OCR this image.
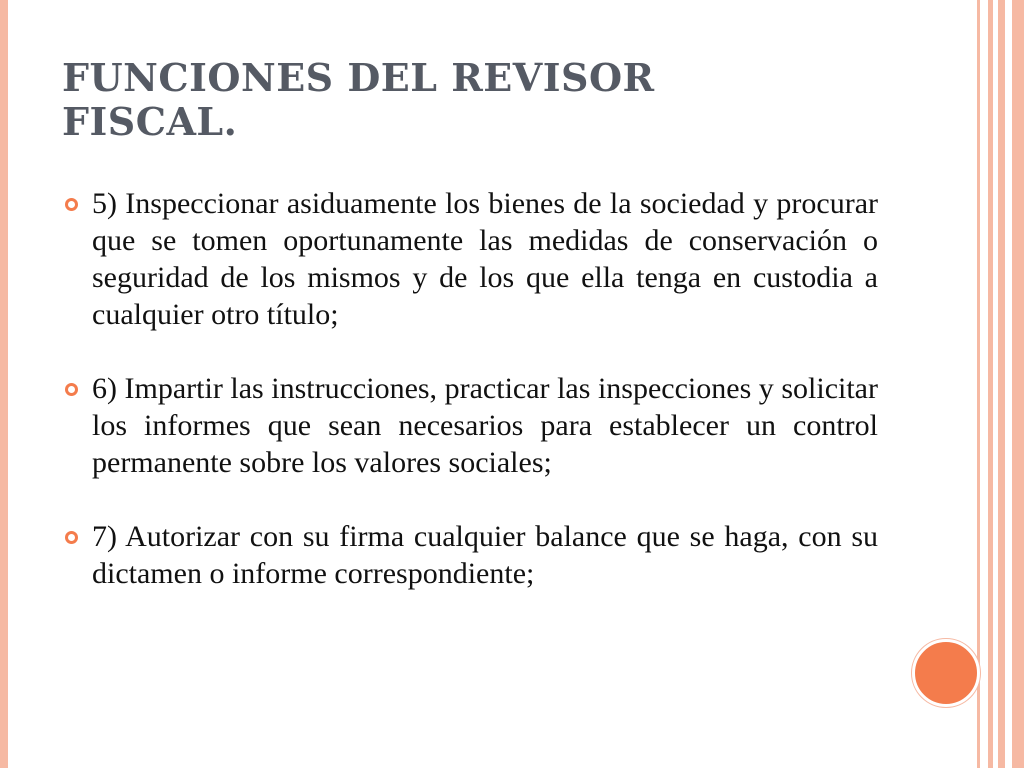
FUNCIONES DEL REVISOR
FISCAL.
5) Inspeccionar asiduamente los bienes de la sociedad y procurar que se tomen oportunamente las medidas de conservación o seguridad de los mismos y de los que ella tenga en custodia a cualquier otro título;
6) Impartir las instrucciones, practicar las inspecciones y solicitar los informes que sean necesarios para establecer un control permanente sobre los valores sociales;
7) Autorizar con su firma cualquier balance que se haga, con su dictamen o informe correspondiente;
